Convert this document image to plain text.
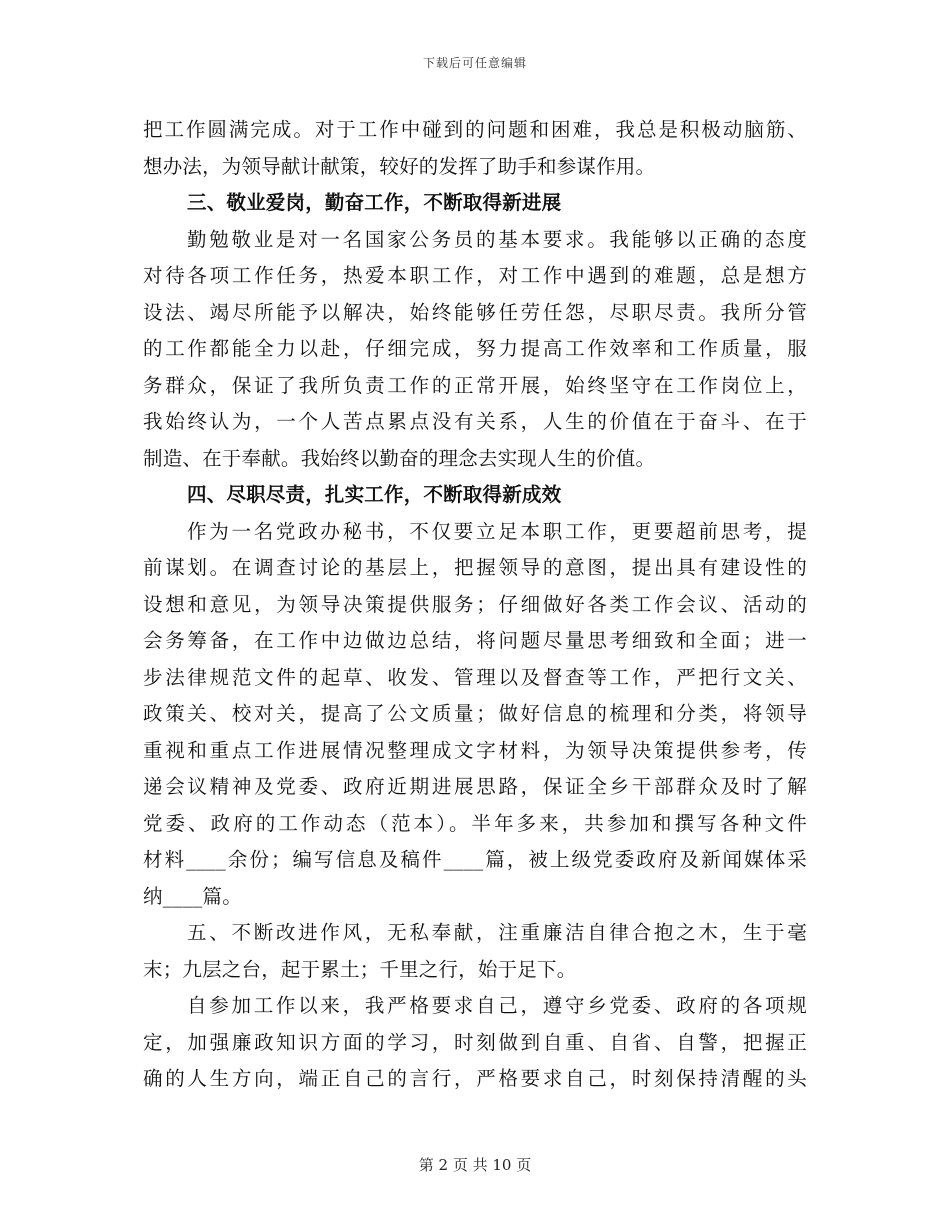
下载后可任意编辑
把工作圆满完成。对于工作中碰到的问题和困难，我总是积极动脑筋、
想办法，为领导献计献策，较好的发挥了助手和参谋作用。
三、敬业爱岗，勤奋工作，不断取得新进展
勤勉敬业是对一名国家公务员的基本要求。我能够以正确的态度
对待各项工作任务，热爱本职工作，对工作中遇到的难题，总是想方
设法、竭尽所能予以解决，始终能够任劳任怨，尽职尽责。我所分管
的工作都能全力以赴，仔细完成，努力提高工作效率和工作质量，服
务群众，保证了我所负责工作的正常开展，始终坚守在工作岗位上，
我始终认为，一个人苦点累点没有关系，人生的价值在于奋斗、在于
制造、在于奉献。我始终以勤奋的理念去实现人生的价值。
四、尽职尽责，扎实工作，不断取得新成效
作为一名党政办秘书，不仅要立足本职工作，更要超前思考，提
前谋划。在调查讨论的基层上，把握领导的意图，提出具有建设性的
设想和意见，为领导决策提供服务；仔细做好各类工作会议、活动的
会务筹备，在工作中边做边总结，将问题尽量思考细致和全面；进一
步法律规范文件的起草、收发、管理以及督查等工作，严把行文关、
政策关、校对关，提高了公文质量；做好信息的梳理和分类，将领导
重视和重点工作进展情况整理成文字材料，为领导决策提供参考，传
递会议精神及党委、政府近期进展思路，保证全乡干部群众及时了解
党委、政府的工作动态（范本）。半年多来，共参加和撰写各种文件
材料____余份；编写信息及稿件____篇，被上级党委政府及新闻媒体采
纳____篇。
五、不断改进作风，无私奉献，注重廉洁自律合抱之木，生于毫
末；九层之台，起于累土；千里之行，始于足下。
自参加工作以来，我严格要求自己，遵守乡党委、政府的各项规
定，加强廉政知识方面的学习，时刻做到自重、自省、自警，把握正
确的人生方向，端正自己的言行，严格要求自己，时刻保持清醒的头
第 2 页 共 10 页
